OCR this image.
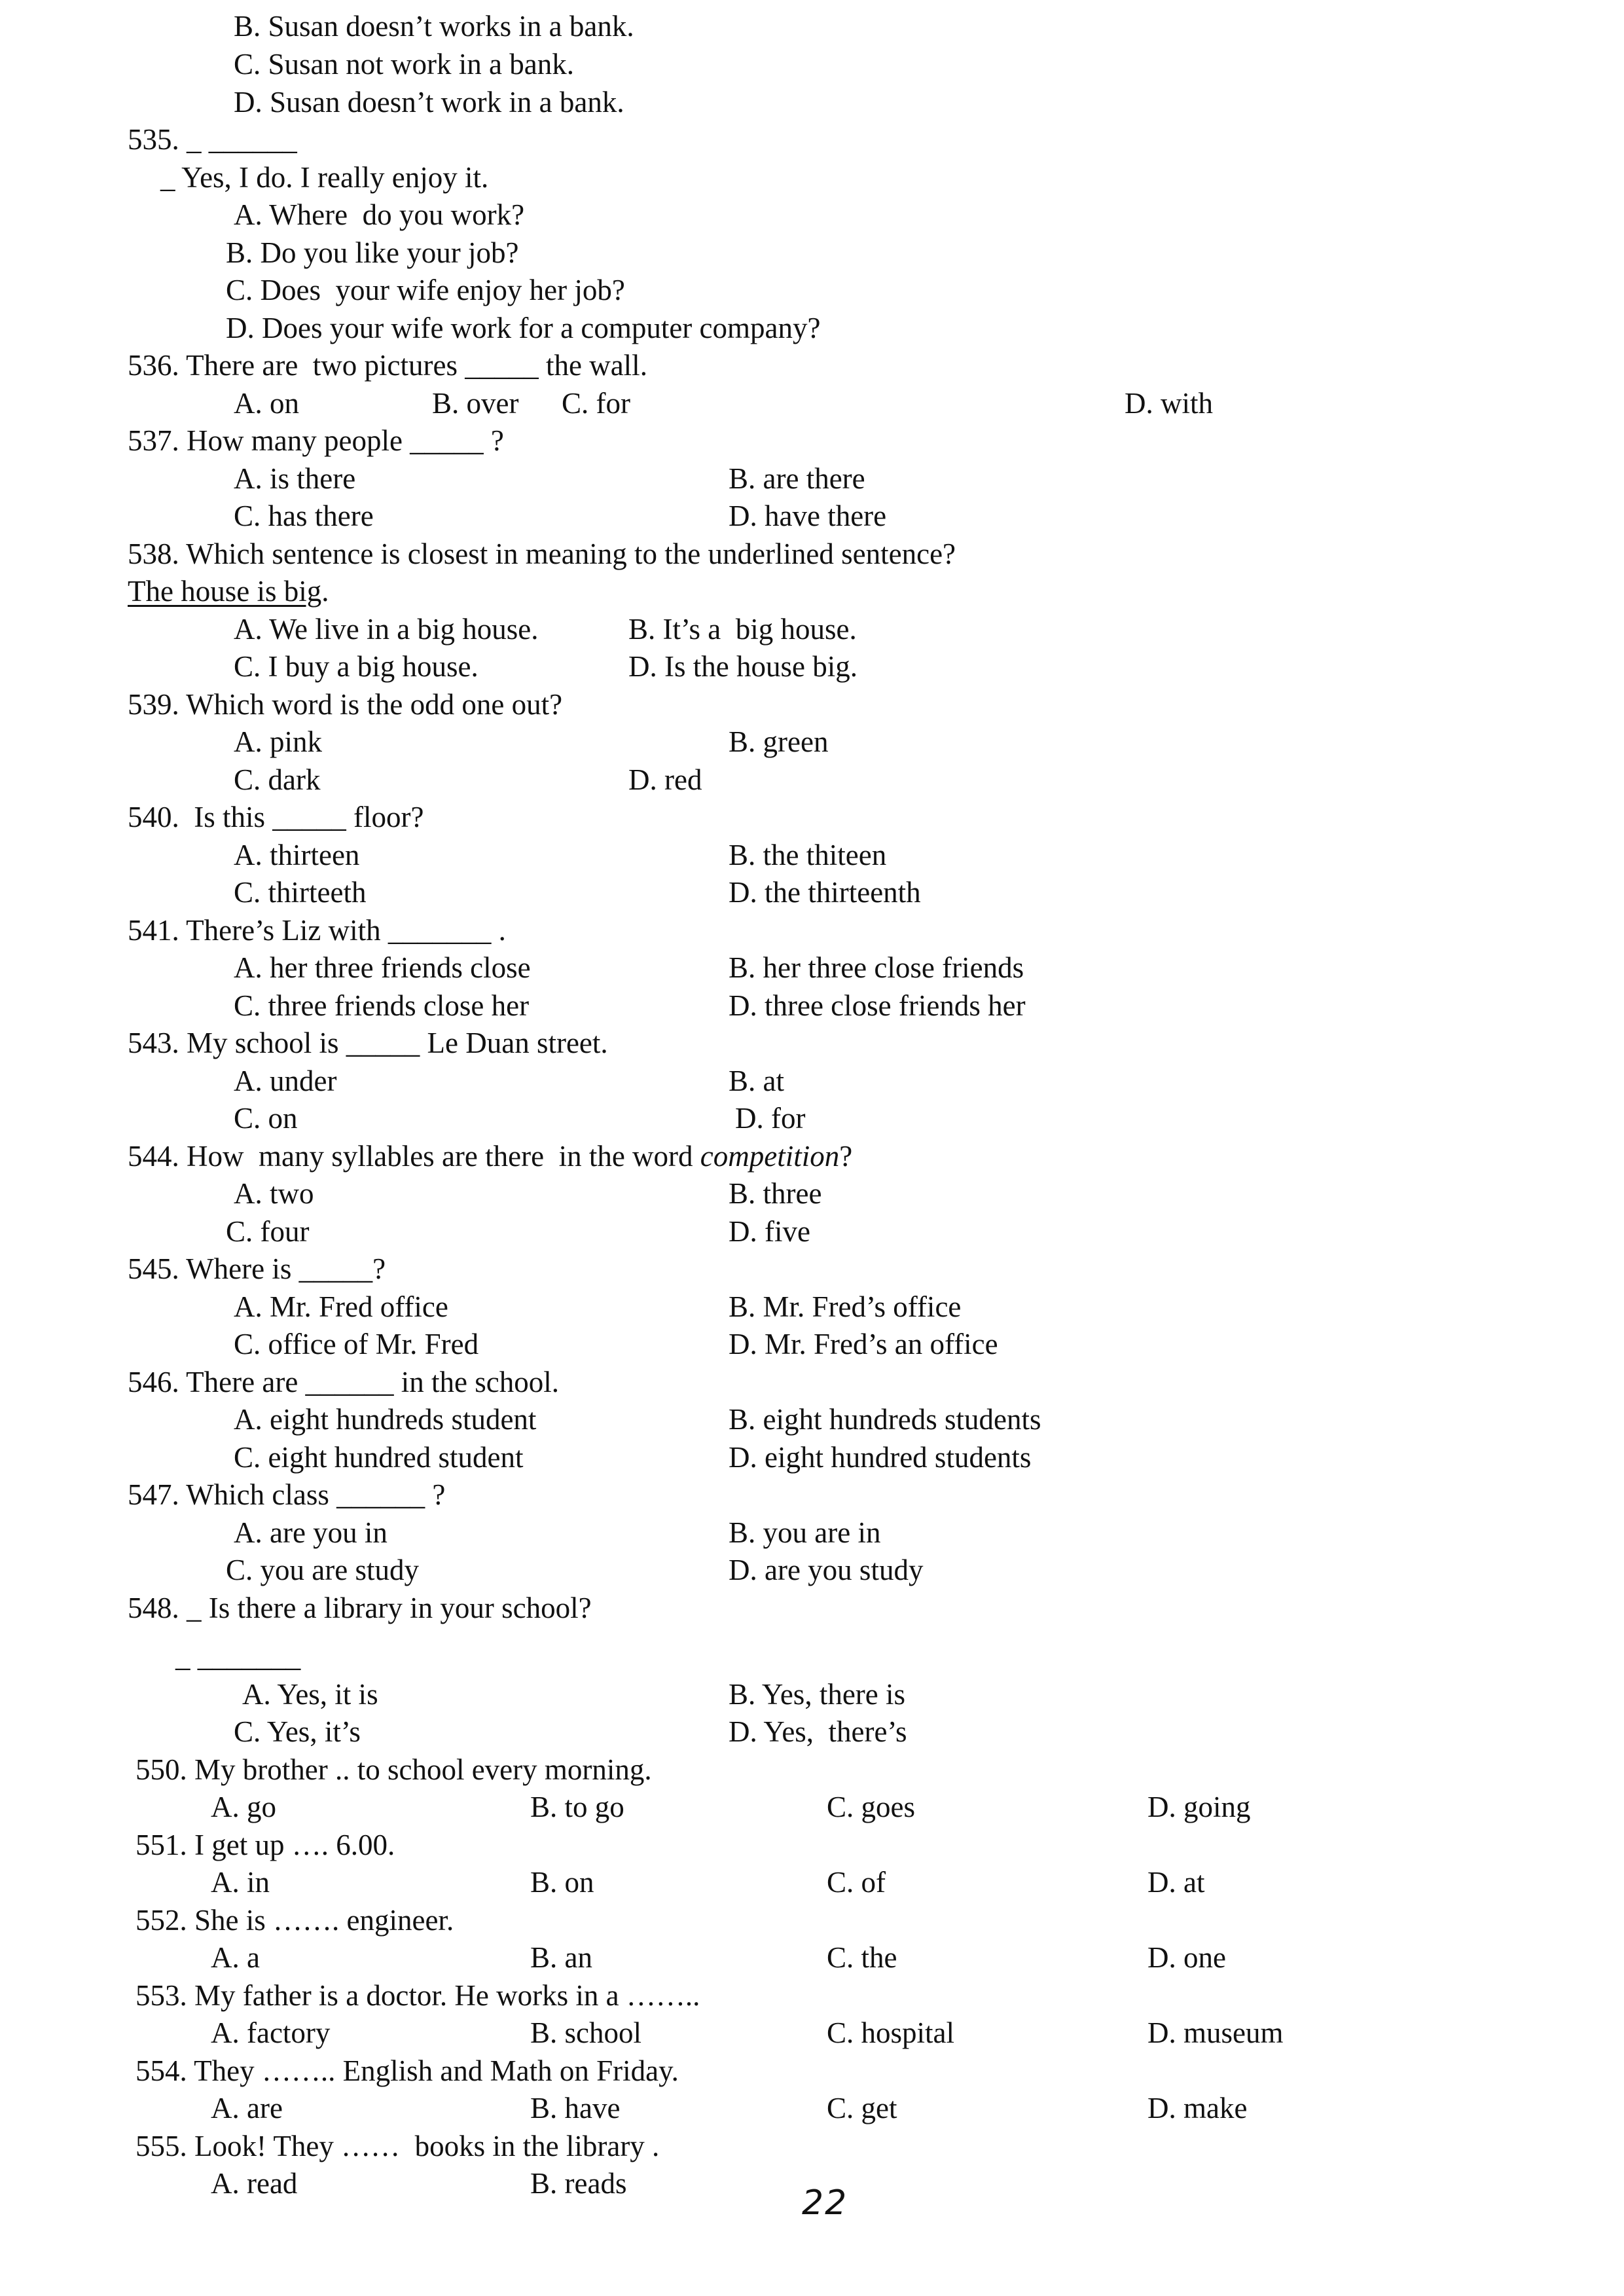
B. Susan doesn’t works in a bank.
C. Susan not work in a bank.
D. Susan doesn’t work in a bank.
535. _ ______
_ Yes, I do. I really enjoy it.
A. Where  do you work?
B. Do you like your job?
C. Does  your wife enjoy her job?
D. Does your wife work for a computer company?
536. There are  two pictures _____ the wall.
A. on	B. over C. for	D. with
537. How many people _____ ?
A. is there	B. are there
C. has there	D. have there
538. Which sentence is closest in meaning to the underlined sentence?
The house is big.
A. We live in a big house.	B. It’s a  big house.
C. I buy a big house.	D. Is the house big.
539. Which word is the odd one out?
A. pink	B. green
C. dark	D. red
540.  Is this _____ floor?
A. thirteen	B. the thiteen
C. thirteeth	D. the thirteenth
541. There’s Liz with _______ .
A. her three friends close	B. her three close friends
C. three friends close her	D. three close friends her
543. My school is _____ Le Duan street.
A. under	B. at
C. on	D. for
544. How  many syllables are there  in the word competition?
A. two	B. three
C. four	D. five
545. Where is _____?
A. Mr. Fred office	B. Mr. Fred’s office
C. office of Mr. Fred	D. Mr. Fred’s an office
546. There are ______ in the school.
A. eight hundreds student	B. eight hundreds students
C. eight hundred student	D. eight hundred students
547. Which class ______ ?
A. are you in	B. you are in
C. you are study	D. are you study
548. _ Is there a library in your school?
_ _______
A. Yes, it is	B. Yes, there is
C. Yes, it’s	D. Yes,  there’s
550. My brother .. to school every morning.
A. go	B. to go	C. goes	D. going
551. I get up …. 6.00.
A. in	B. on	C. of	D. at
552. She is ……. engineer.
A. a	B. an	C. the	D. one
553. My father is a doctor. He works in a ……..
A. factory	B. school	C. hospital	D. museum
554. They …….. English and Math on Friday.
A. are	B. have	C. get	D. make
555. Look! They ……  books in the library .
A. read	B. reads	22
